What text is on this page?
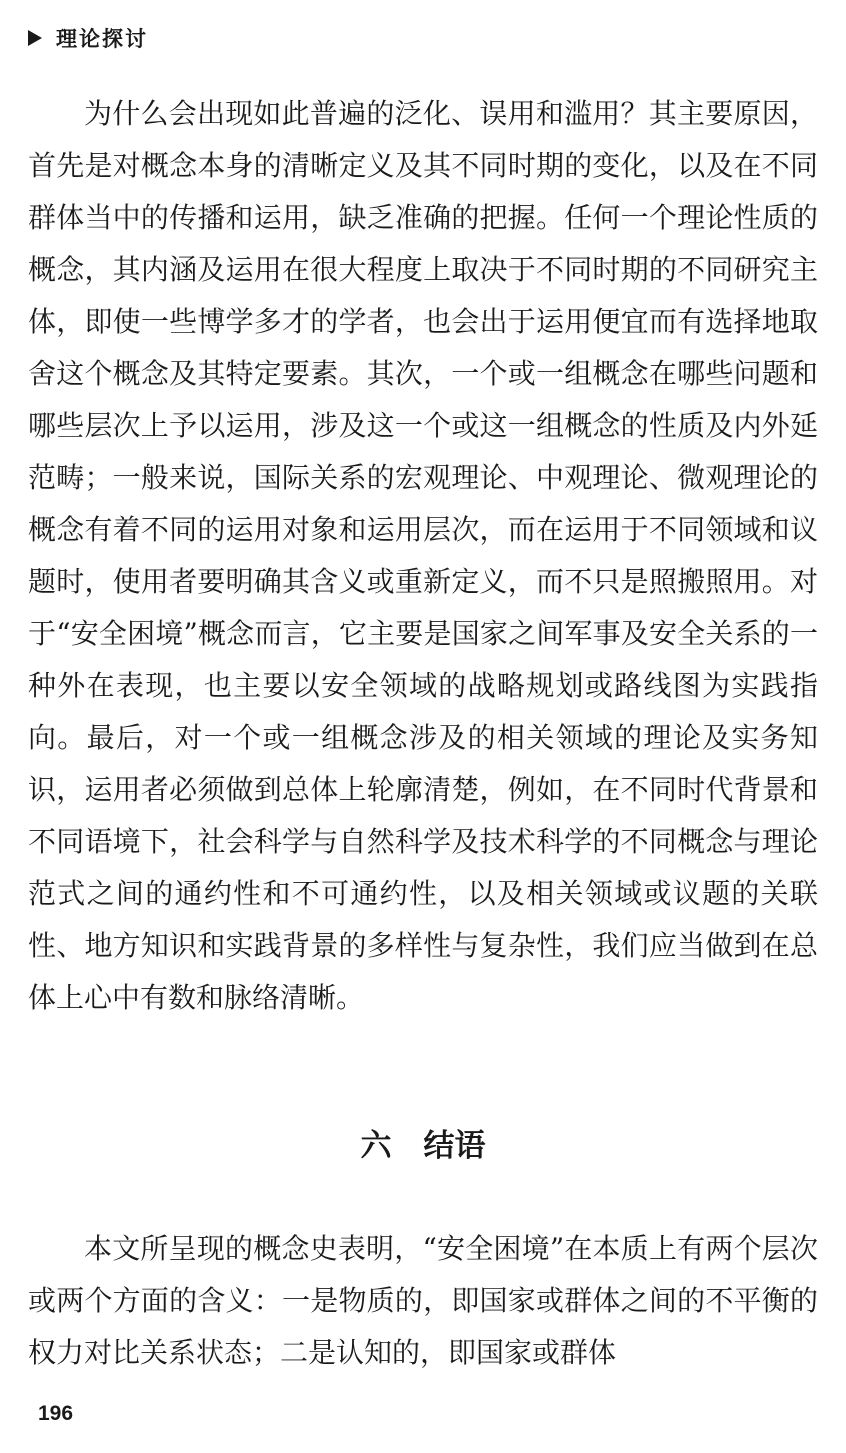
理论探讨

为什么会出现如此普遍的泛化、误用和滥用？其主要原因，首先是对概念本身的清晰定义及其不同时期的变化，以及在不同群体当中的传播和运用，缺乏准确的把握。任何一个理论性质的概念，其内涵及运用在很大程度上取决于不同时期的不同研究主体，即使一些博学多才的学者，也会出于运用便宜而有选择地取舍这个概念及其特定要素。其次，一个或一组概念在哪些问题和哪些层次上予以运用，涉及这一个或这一组概念的性质及内外延范畴；一般来说，国际关系的宏观理论、中观理论、微观理论的概念有着不同的运用对象和运用层次，而在运用于不同领域和议题时，使用者要明确其含义或重新定义，而不只是照搬照用。对于“安全困境”概念而言，它主要是国家之间军事及安全关系的一种外在表现，也主要以安全领域的战略规划或路线图为实践指向。最后，对一个或一组概念涉及的相关领域的理论及实务知识，运用者必须做到总体上轮廓清楚，例如，在不同时代背景和不同语境下，社会科学与自然科学及技术科学的不同概念与理论范式之间的通约性和不可通约性，以及相关领域或议题的关联性、地方知识和实践背景的多样性与复杂性，我们应当做到在总体上心中有数和脉络清晰。

六 结语

本文所呈现的概念史表明，“安全困境”在本质上有两个层次或两个方面的含义：一是物质的，即国家或群体之间的不平衡的权力对比关系状态；二是认知的，即国家或群体

196
